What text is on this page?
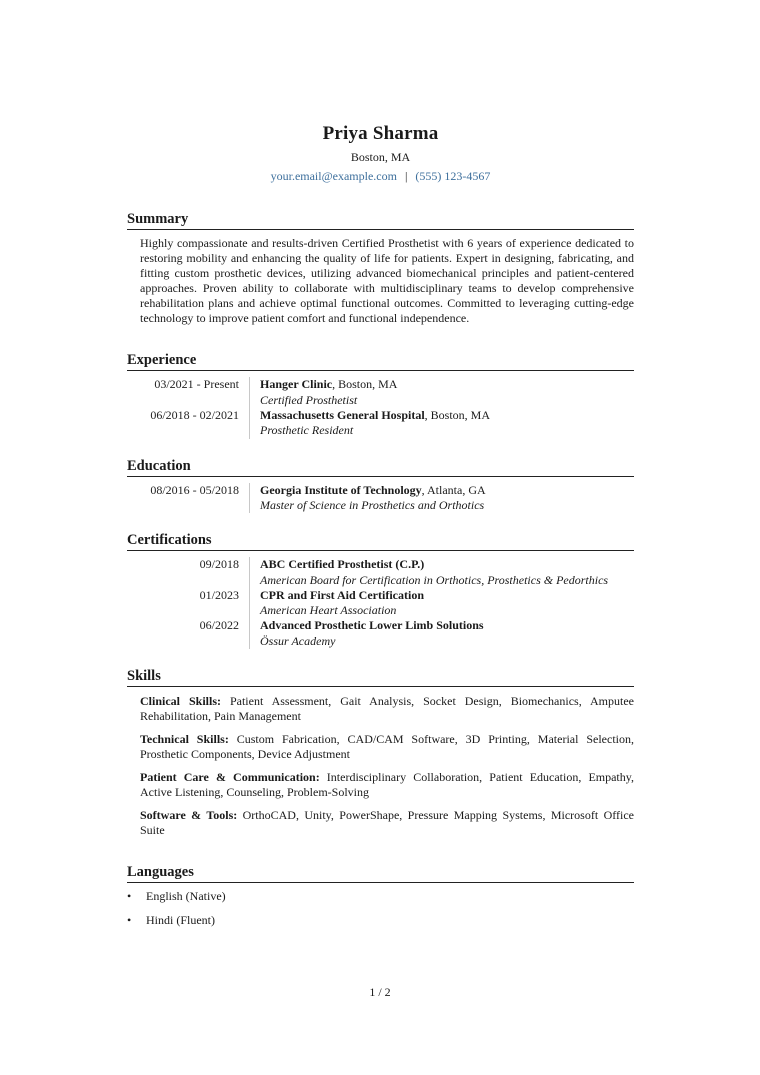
Priya Sharma
Boston, MA
your.email@example.com | (555) 123-4567
Summary

Highly compassionate and results-driven Certified Prosthetist with 6 years of experience dedicated to restoring mobility and enhancing the quality of life for patients. Expert in designing, fabricating, and fitting custom prosthetic devices, utilizing advanced biomechanical principles and patient-centered approaches. Proven ability to collaborate with multidisciplinary teams to develop comprehensive rehabilitation plans and achieve optimal functional outcomes. Committed to leveraging cutting-edge technology to improve patient comfort and functional independence.

Experience
03/2021 - Present	Hanger Clinic, Boston, MA
Certified Prosthetist
06/2018 - 02/2021	Massachusetts General Hospital, Boston, MA
Prosthetic Resident
Education
08/2016 - 05/2018	Georgia Institute of Technology, Atlanta, GA
Master of Science in Prosthetics and Orthotics
Certifications
09/2018	ABC Certified Prosthetist (C.P.)
American Board for Certification in Orthotics, Prosthetics & Pedorthics
01/2023	CPR and First Aid Certification
American Heart Association
06/2022	Advanced Prosthetic Lower Limb Solutions
Össur Academy
Skills

Clinical Skills: Patient Assessment, Gait Analysis, Socket Design, Biomechanics, Amputee Rehabilitation, Pain Management

Technical Skills: Custom Fabrication, CAD/CAM Software, 3D Printing, Material Selection, Prosthetic Components, Device Adjustment

Patient Care & Communication: Interdisciplinary Collaboration, Patient Education, Empathy, Active Listening, Counseling, Problem-Solving

Software & Tools: OrthoCAD, Unity, PowerShape, Pressure Mapping Systems, Microsoft Office Suite

Languages
•	English (Native)
•	Hindi (Fluent)
1 / 2
